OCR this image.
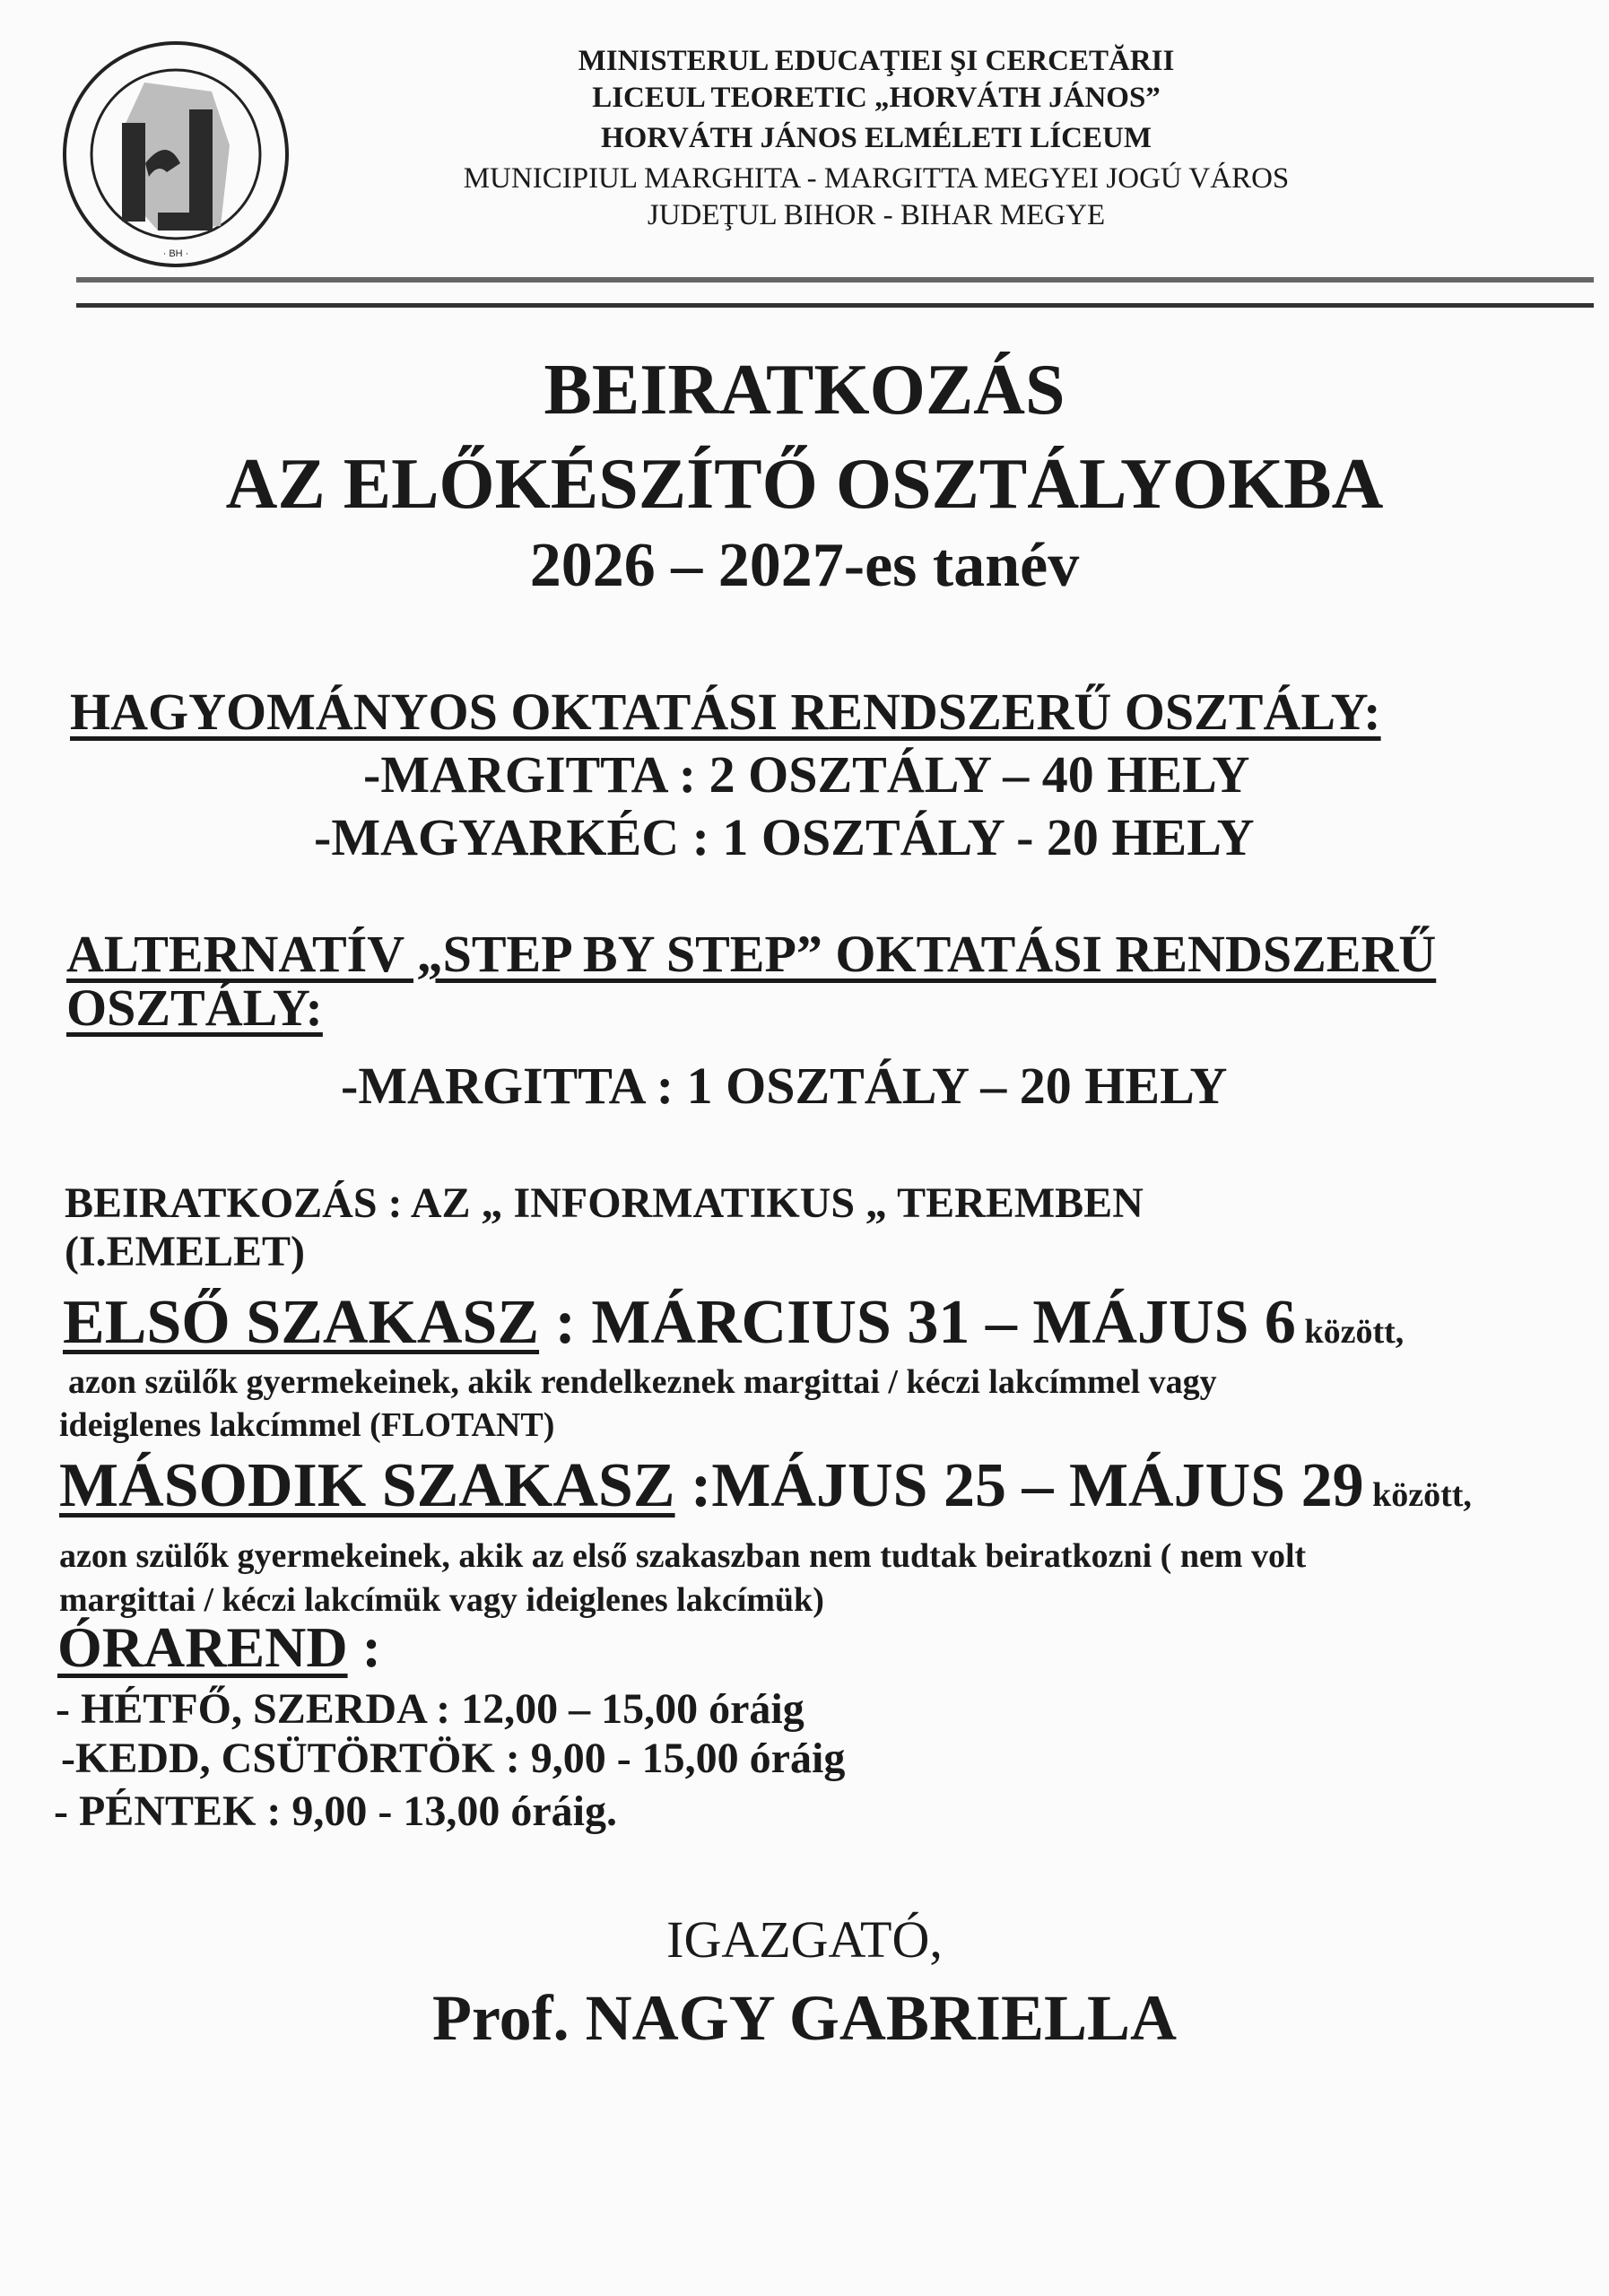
· BH ·
MINISTERUL EDUCAŢIEI ŞI CERCETĂRII
LICEUL TEORETIC „HORVÁTH JÁNOS”
HORVÁTH JÁNOS ELMÉLETI LÍCEUM
MUNICIPIUL MARGHITA - MARGITTA MEGYEI JOGÚ VÁROS
JUDEŢUL BIHOR - BIHAR MEGYE
BEIRATKOZÁS
AZ ELŐKÉSZÍTŐ OSZTÁLYOKBA
2026 – 2027-es tanév
HAGYOMÁNYOS OKTATÁSI RENDSZERŰ OSZTÁLY:
-MARGITTA : 2 OSZTÁLY – 40 HELY
-MAGYARKÉC : 1 OSZTÁLY - 20 HELY
ALTERNATÍV „STEP BY STEP” OKTATÁSI RENDSZERŰ
OSZTÁLY:
-MARGITTA : 1 OSZTÁLY – 20 HELY
BEIRATKOZÁS : AZ „ INFORMATIKUS „ TEREMBEN
(I.EMELET)
ELSŐ SZAKASZ : MÁRCIUS 31 – MÁJUS 6 között,
azon szülők gyermekeinek, akik rendelkeznek margittai / kéczi lakcímmel vagy
ideiglenes lakcímmel (FLOTANT)
MÁSODIK SZAKASZ :MÁJUS 25 – MÁJUS 29 között,
azon szülők gyermekeinek, akik az első szakaszban nem tudtak beiratkozni ( nem volt
margittai / kéczi lakcímük vagy ideiglenes lakcímük)
ÓRAREND :
- HÉTFŐ, SZERDA : 12,00 – 15,00 óráig
-KEDD, CSÜTÖRTÖK : 9,00 - 15,00 óráig
- PÉNTEK : 9,00 - 13,00 óráig.
IGAZGATÓ,
Prof. NAGY GABRIELLA
